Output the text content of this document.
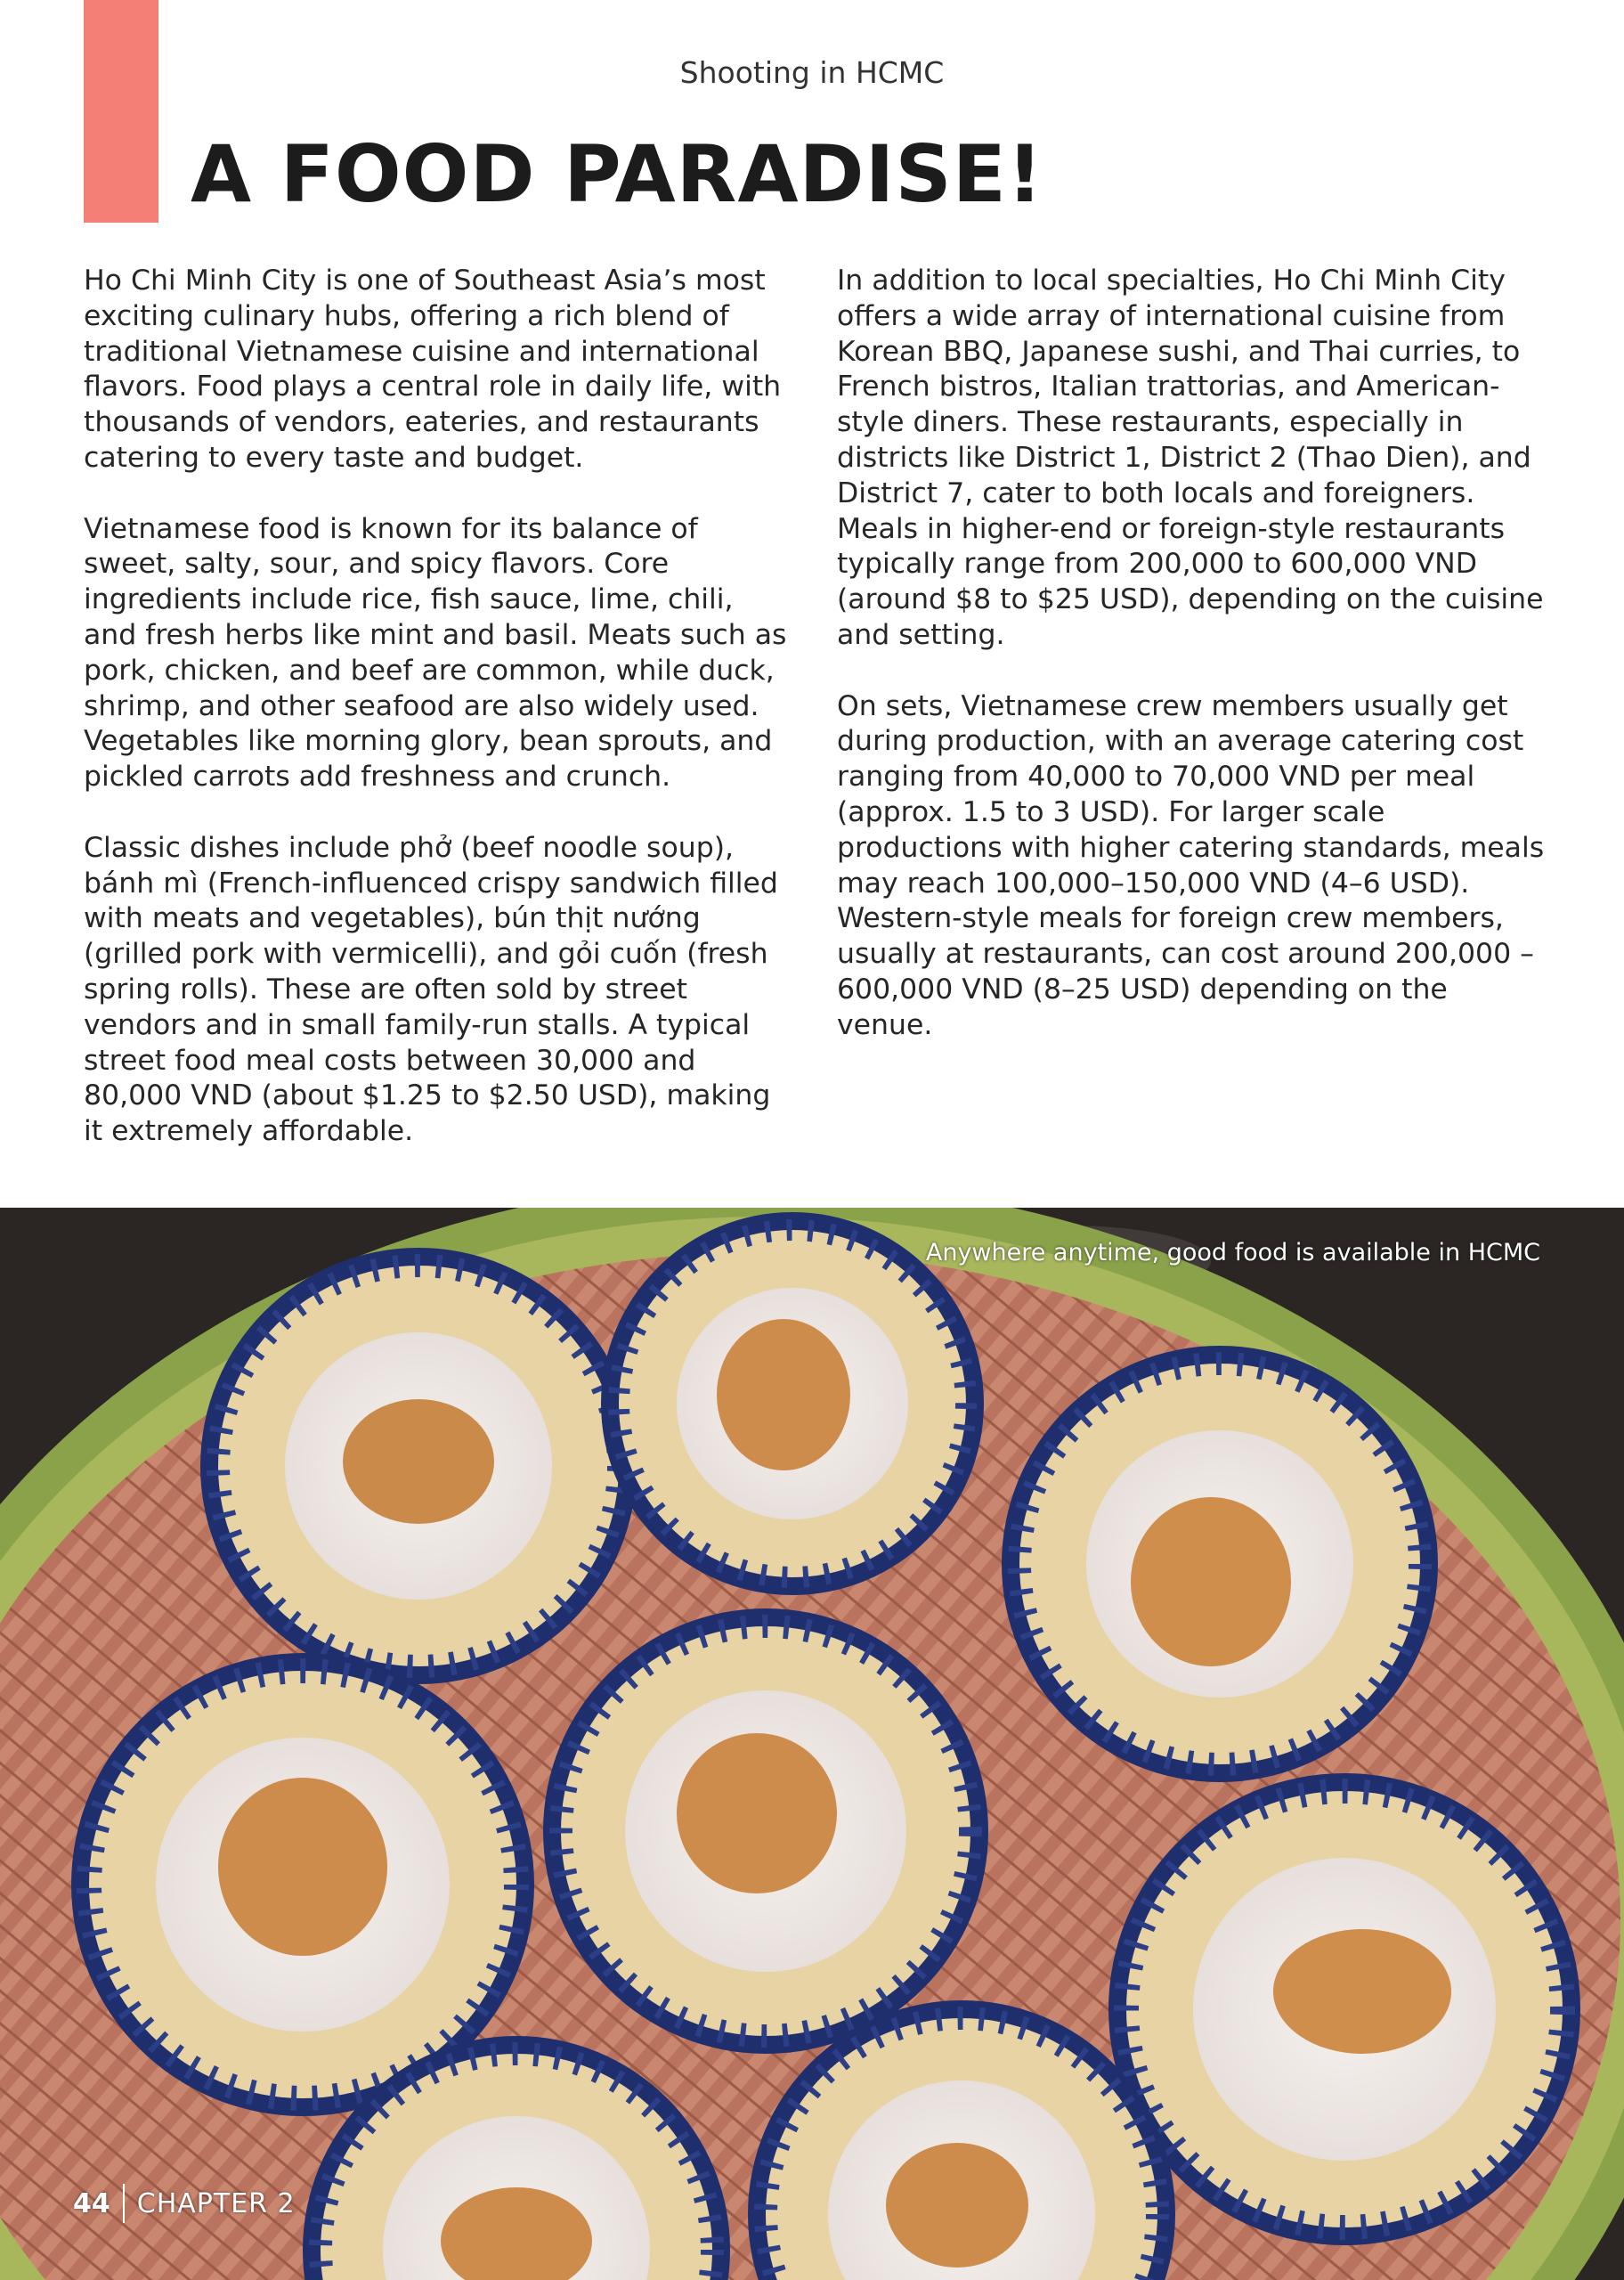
Shooting in HCMC
A FOOD PARADISE!

Ho Chi Minh City is one of Southeast Asia’s most exciting culinary hubs, offering a rich blend of traditional Vietnamese cuisine and international flavors. Food plays a central role in daily life, with thousands of vendors, eateries, and restaurants catering to every taste and budget.

Vietnamese food is known for its balance of sweet, salty, sour, and spicy flavors. Core ingredients include rice, fish sauce, lime, chili, and fresh herbs like mint and basil. Meats such as pork, chicken, and beef are common, while duck, shrimp, and other seafood are also widely used. Vegetables like morning glory, bean sprouts, and pickled carrots add freshness and crunch.

Classic dishes include phở (beef noodle soup), bánh mì (French-influenced crispy sandwich filled with meats and vegetables), bún thịt nướng (grilled pork with vermicelli), and gỏi cuốn (fresh spring rolls). These are often sold by street vendors and in small family-run stalls. A typical street food meal costs between 30,000 and 80,000 VND (about $1.25 to $2.50 USD), making it extremely affordable.

In addition to local specialties, Ho Chi Minh City offers a wide array of international cuisine from Korean BBQ, Japanese sushi, and Thai curries, to French bistros, Italian trattorias, and American-style diners. These restaurants, especially in districts like District 1, District 2 (Thao Dien), and District 7, cater to both locals and foreigners. Meals in higher-end or foreign-style restaurants typically range from 200,000 to 600,000 VND (around $8 to $25 USD), depending on the cuisine and setting.

On sets, Vietnamese crew members usually get during production, with an average catering cost ranging from 40,000 to 70,000 VND per meal (approx. 1.5 to 3 USD). For larger scale productions with higher catering standards, meals may reach 100,000–150,000 VND (4–6 USD). Western-style meals for foreign crew members, usually at restaurants, can cost around 200,000 – 600,000 VND (8–25 USD) depending on the venue.

Anywhere anytime, good food is available in HCMC
44 CHAPTER 2
